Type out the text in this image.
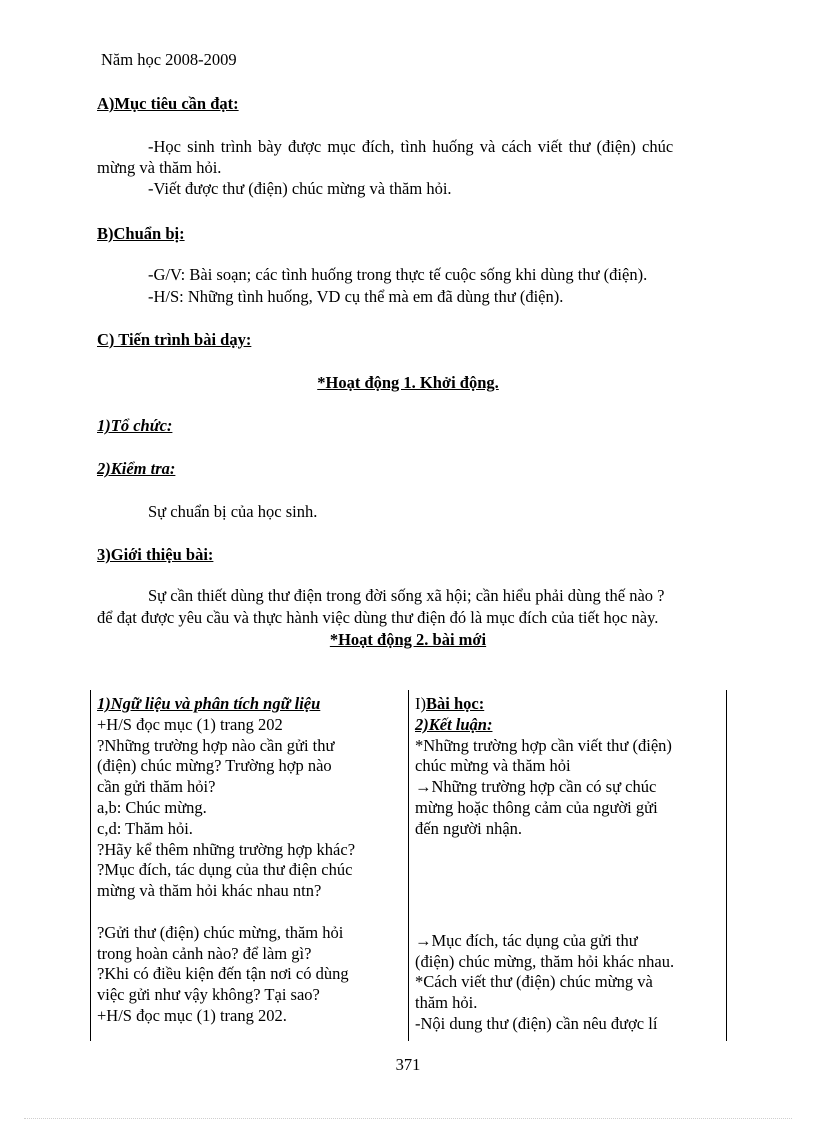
Năm học 2008-2009
A)Mục tiêu cần đạt:
-Học sinh trình bày được mục đích, tình huống và cách viết thư (điện) chúc
mừng và thăm hỏi.
-Viết được thư (điện) chúc mừng và thăm hỏi.
B)Chuẩn bị:
-G/V: Bài soạn; các tình huống trong thực tế cuộc sống khi dùng thư (điện).
-H/S: Những tình huống, VD cụ thể mà em đã dùng thư (điện).
C) Tiến trình bài dạy:
*Hoạt động 1. Khởi động.
1)Tổ chức:
2)Kiểm tra:
Sự chuẩn bị của học sinh.
3)Giới thiệu bài:
Sự cần thiết dùng thư điện trong đời sống xã hội; cần hiểu phải dùng thế nào ?
để đạt được yêu cầu và thực hành việc dùng thư điện đó là mục đích của tiết học này.
*Hoạt động 2. bài mới
1)Ngữ liệu và phân tích ngữ liệu
+H/S đọc mục (1) trang 202
?Những trường hợp nào cần gửi thư
(điện) chúc mừng? Trường hợp nào
cần gửi thăm hỏi?
a,b: Chúc mừng.
c,d: Thăm hỏi.
?Hãy kể thêm những trường hợp khác?
?Mục đích, tác dụng của thư điện chúc
mừng và thăm hỏi khác nhau ntn?
?Gửi thư (điện) chúc mừng, thăm hỏi
trong hoàn cảnh nào? để làm gì?
?Khi có điều kiện đến tận nơi có dùng
việc gửi như vậy không? Tại sao?
+H/S đọc mục (1) trang 202.
I)Bài học:
2)Kết luận:
*Những trường hợp cần viết thư (điện)
chúc mừng và thăm hỏi
→Những trường hợp cần có sự chúc
mừng hoặc thông cảm của người gửi
đến người nhận.
→Mục đích, tác dụng của gửi thư
(điện) chúc mừng, thăm hỏi khác nhau.
*Cách viết thư (điện) chúc mừng và
thăm hỏi.
-Nội dung thư (điện) cần nêu được lí
371
